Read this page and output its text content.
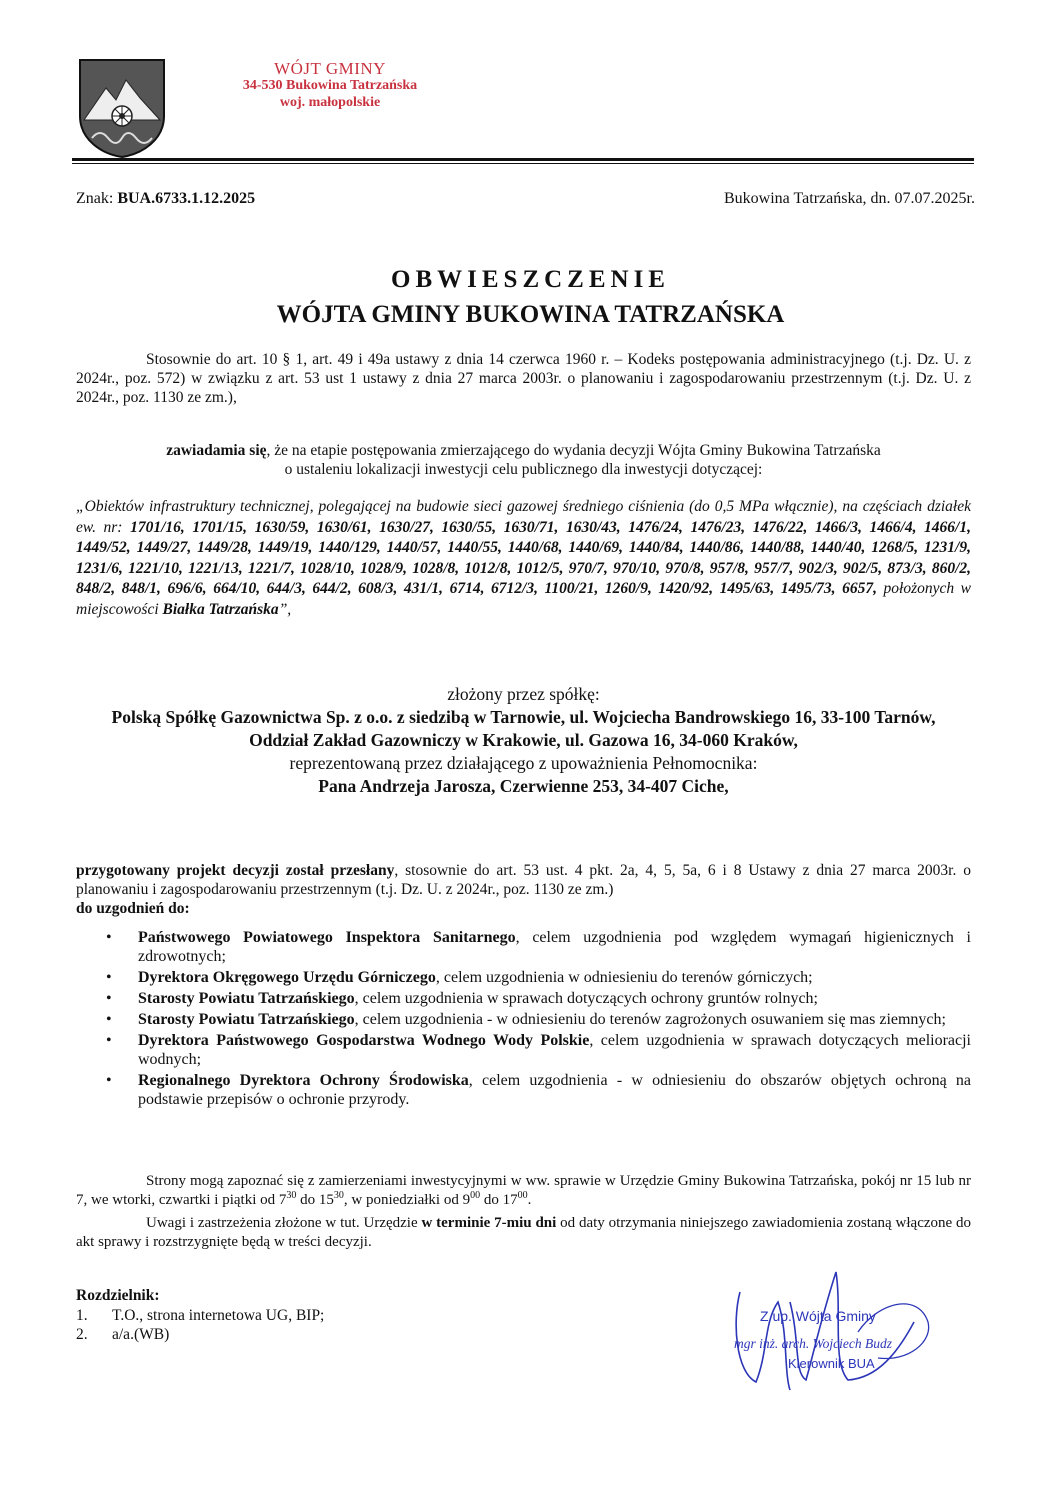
WÓJT GMINY
34-530 Bukowina Tatrzańska
woj. małopolskie
Znak: BUA.6733.1.12.2025	Bukowina Tatrzańska, dn. 07.07.2025r.
OBWIESZCZENIE
WÓJTA GMINY BUKOWINA TATRZAŃSKA
Stosownie do art. 10 § 1, art. 49 i 49a ustawy z dnia 14 czerwca 1960 r. – Kodeks postępowania administracyjnego (t.j. Dz. U. z 2024r., poz. 572) w związku z art. 53 ust 1 ustawy z dnia 27 marca 2003r. o planowaniu i zagospodarowaniu przestrzennym (t.j. Dz. U. z 2024r., poz. 1130 ze zm.),
zawiadamia się, że na etapie postępowania zmierzającego do wydania decyzji Wójta Gminy Bukowina Tatrzańska
o ustaleniu lokalizacji inwestycji celu publicznego dla inwestycji dotyczącej:
„Obiektów infrastruktury technicznej, polegającej na budowie sieci gazowej średniego ciśnienia (do 0,5 MPa włącznie), na częściach działek ew. nr: 1701/16, 1701/15, 1630/59, 1630/61, 1630/27, 1630/55, 1630/71, 1630/43, 1476/24, 1476/23, 1476/22, 1466/3, 1466/4, 1466/1, 1449/52, 1449/27, 1449/28, 1449/19, 1440/129, 1440/57, 1440/55, 1440/68, 1440/69, 1440/84, 1440/86, 1440/88, 1440/40, 1268/5, 1231/9, 1231/6, 1221/10, 1221/13, 1221/7, 1028/10, 1028/9, 1028/8, 1012/8, 1012/5, 970/7, 970/10, 970/8, 957/8, 957/7, 902/3, 902/5, 873/3, 860/2, 848/2, 848/1, 696/6, 664/10, 644/3, 644/2, 608/3, 431/1, 6714, 6712/3, 1100/21, 1260/9, 1420/92, 1495/63, 1495/73, 6657, położonych w miejscowości Białka Tatrzańska”,
złożony przez spółkę:
Polską Spółkę Gazownictwa Sp. z o.o. z siedzibą w Tarnowie, ul. Wojciecha Bandrowskiego 16, 33-100 Tarnów,
Oddział Zakład Gazowniczy w Krakowie, ul. Gazowa 16, 34-060 Kraków,
reprezentowaną przez działającego z upoważnienia Pełnomocnika:
Pana Andrzeja Jarosza, Czerwienne 253, 34-407 Ciche,
przygotowany projekt decyzji został przesłany, stosownie do art. 53 ust. 4 pkt. 2a, 4, 5, 5a, 6 i 8 Ustawy z dnia 27 marca 2003r. o planowaniu i zagospodarowaniu przestrzennym (t.j. Dz. U. z 2024r., poz. 1130 ze zm.)
do uzgodnień do:
• Państwowego Powiatowego Inspektora Sanitarnego, celem uzgodnienia pod względem wymagań higienicznych i zdrowotnych;
• Dyrektora Okręgowego Urzędu Górniczego, celem uzgodnienia w odniesieniu do terenów górniczych;
• Starosty Powiatu Tatrzańskiego, celem uzgodnienia w sprawach dotyczących ochrony gruntów rolnych;
• Starosty Powiatu Tatrzańskiego, celem uzgodnienia - w odniesieniu do terenów zagrożonych osuwaniem się mas ziemnych;
• Dyrektora Państwowego Gospodarstwa Wodnego Wody Polskie, celem uzgodnienia w sprawach dotyczących melioracji wodnych;
• Regionalnego Dyrektora Ochrony Środowiska, celem uzgodnienia - w odniesieniu do obszarów objętych ochroną na podstawie przepisów o ochronie przyrody.
Strony mogą zapoznać się z zamierzeniami inwestycyjnymi w ww. sprawie w Urzędzie Gminy Bukowina Tatrzańska, pokój nr 15 lub nr 7, we wtorki, czwartki i piątki od $7^{30}$ do $15^{30}$, w poniedziałki od $9^{00}$ do $17^{00}$.
Uwagi i zastrzeżenia złożone w tut. Urzędzie w terminie 7-miu dni od daty otrzymania niniejszego zawiadomienia zostaną włączone do akt sprawy i rozstrzygnięte będą w treści decyzji.
Rozdzielnik:
1. T.O., strona internetowa UG, BIP;
2. a/a.(WB)
Z up. Wójta Gminy
mgr inż. arch. Wojciech Budz
Kierownik BUA
